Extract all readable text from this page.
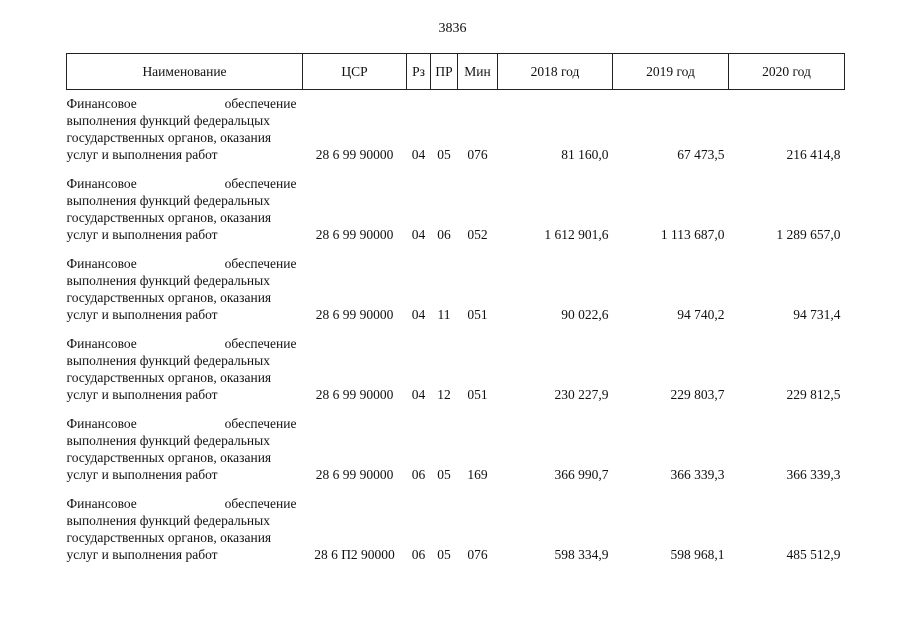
3836
Наименование	ЦСР	Рз	ПР	Мин	2018 год	2019 год	2020 год

Финансовое обеспечение
выполнения функций федеральцых
государственных органов, оказания
услуг и выполнения работ	28 6 99 90000	04	05	076	81 160,0	67 473,5	216 414,8

Финансовое обеспечение
выполнения функций федеральных
государственных органов, оказания
услуг и выполнения работ	28 6 99 90000	04	06	052	1 612 901,6	1 113 687,0	1 289 657,0

Финансовое обеспечение
выполнения функций федеральных
государственных органов, оказания
услуг и выполнения работ	28 6 99 90000	04	11	051	90 022,6	94 740,2	94 731,4

Финансовое обеспечение
выполнения функций федеральных
государственных органов, оказания
услуг и выполнения работ	28 6 99 90000	04	12	051	230 227,9	229 803,7	229 812,5

Финансовое обеспечение
выполнения функций федеральных
государственных органов, оказания
услуг и выполнения работ	28 6 99 90000	06	05	169	366 990,7	366 339,3	366 339,3

Финансовое обеспечение
выполнения функций федеральных
государственных органов, оказания
услуг и выполнения работ	28 6 П2 90000	06	05	076	598 334,9	598 968,1	485 512,9
